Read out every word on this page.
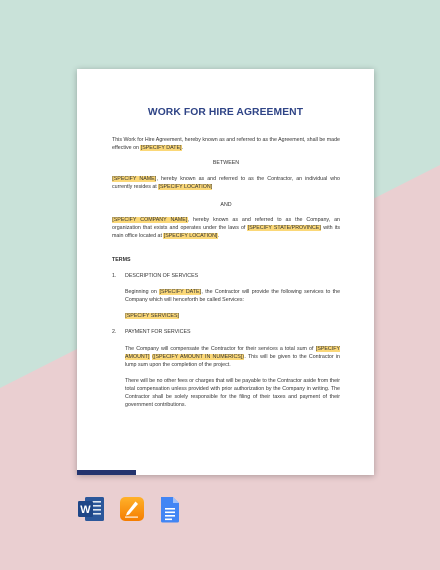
WORK FOR HIRE AGREEMENT
This Work for Hire Agreement, hereby known as and referred to as the Agreement, shall be made effective on [SPECIFY DATE].
BETWEEN
[SPECIFY NAME], hereby known as and referred to as the Contractor, an individual who currently resides at [SPECIFY LOCATION]
AND
[SPECIFY COMPANY NAME], hereby known as and referred to as the Company, an organization that exists and operates under the laws of [SPECIFY STATE/PROVINCE] with its main office located at [SPECIFY LOCATION].
TERMS
1. DESCRIPTION OF SERVICES
Beginning on [SPECIFY DATE], the Contractor will provide the following services to the Company which will henceforth be called Services:
[SPECIFY SERVICES]
2. PAYMENT FOR SERVICES
The Company will compensate the Contractor for their services a total sum of [SPECIFY AMOUNT] ([SPECIFY AMOUNT IN NUMERICS]). This will be given to the Contractor in lump sum upon the completion of the project.
There will be no other fees or charges that will be payable to the Contractor aside from their total compensation unless provided with prior authorization by the Company in writing. The Contractor shall be solely responsible for the filing of their taxes and payment of their government contributions.
W
